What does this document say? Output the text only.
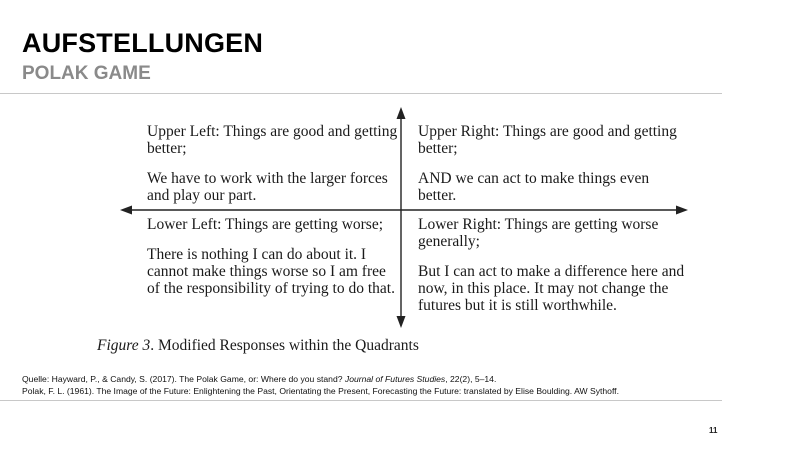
AUFSTELLUNGEN
POLAK GAME

Upper Left: Things are good and getting better;

We have to work with the larger forces and play our part.

Upper Right: Things are good and getting better;

AND we can act to make things even better.

Lower Left: Things are getting worse;

There is nothing I can do about it. I cannot make things worse so I am free of the responsibility of trying to do that.

Lower Right: Things are getting worse generally;

But I can act to make a difference here and now, in this place. It may not change the futures but it is still worthwhile.

Figure 3. Modified Responses within the Quadrants
Quelle: Hayward, P., & Candy, S. (2017). The Polak Game, or: Where do you stand? Journal of Futures Studies, 22(2), 5–14.
Polak, F. L. (1961). The Image of the Future: Enlightening the Past, Orientating the Present, Forecasting the Future: translated by Elise Boulding. AW Sythoff.
11
